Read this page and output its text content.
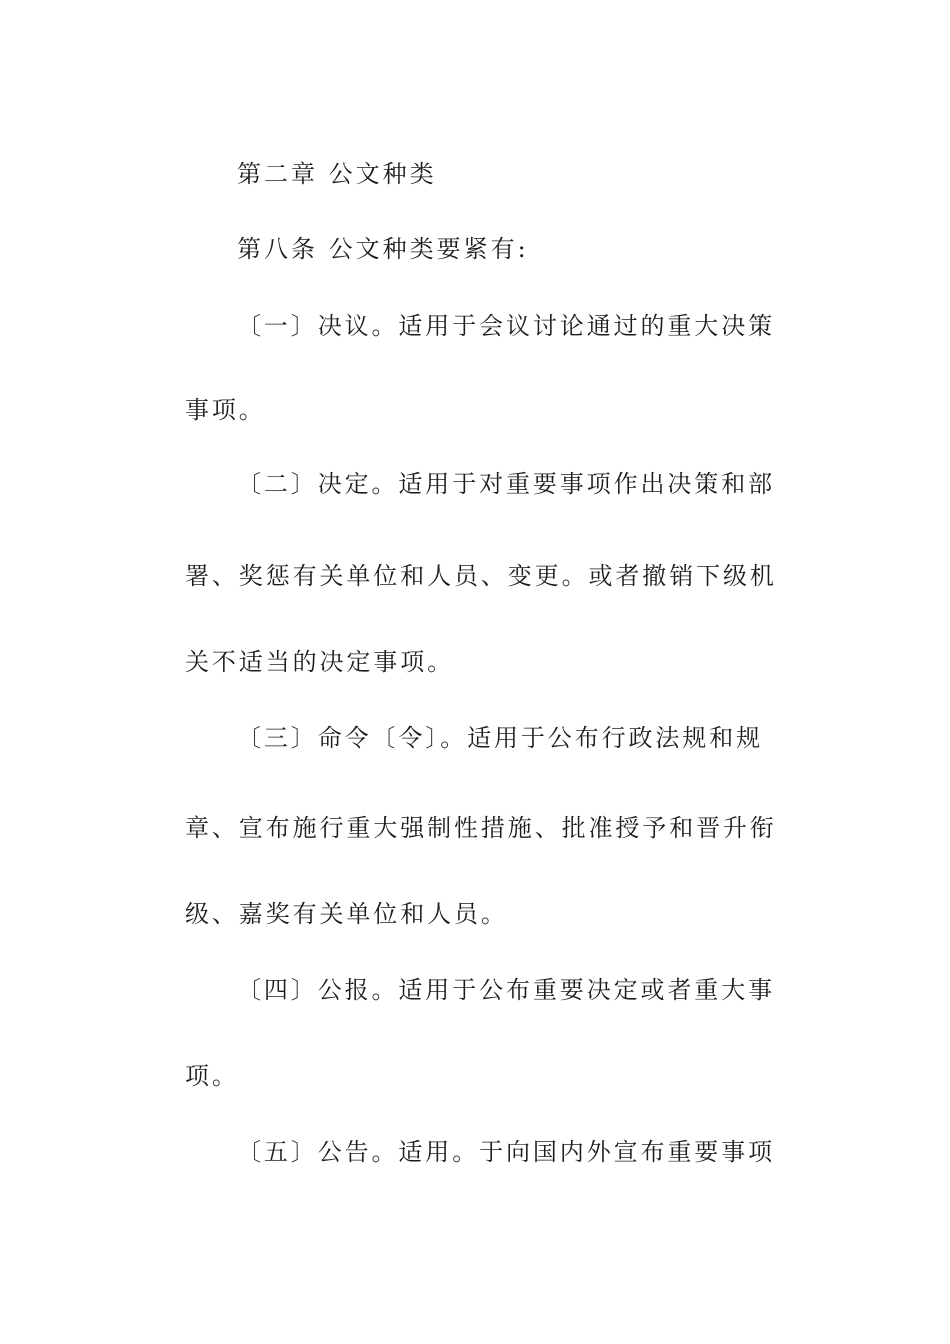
第二章 公文种类

第八条 公文种类要紧有:

〔一〕决议。适用于会议讨论通过的重大决策

事项。

〔二〕决定。适用于对重要事项作出决策和部

署、奖惩有关单位和人员、变更。或者撤销下级机

关不适当的决定事项。

〔三〕命令〔令〕。适用于公布行政法规和规

章、宣布施行重大强制性措施、批准授予和晋升衔

级、嘉奖有关单位和人员。

〔四〕公报。适用于公布重要决定或者重大事

项。

〔五〕公告。适用。于向国内外宣布重要事项
